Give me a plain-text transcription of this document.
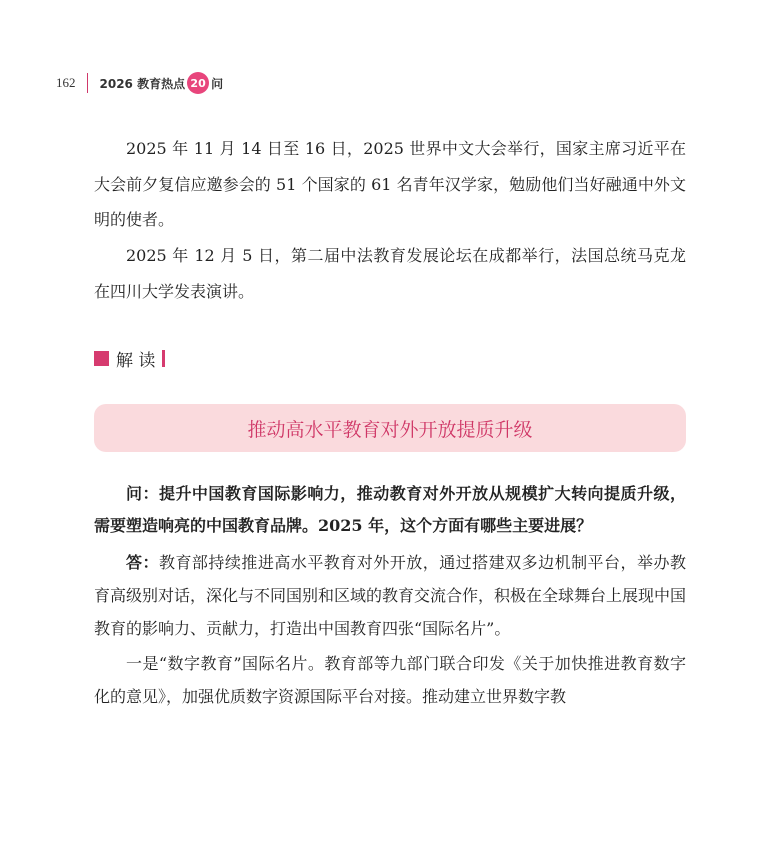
162 2026 教育热点 20 问

2025 年 11 月 14 日至 16 日，2025 世界中文大会举行，国家主席习近平在大会前夕复信应邀参会的 51 个国家的 61 名青年汉学家，勉励他们当好融通中外文明的使者。

2025 年 12 月 5 日，第二届中法教育发展论坛在成都举行，法国总统马克龙在四川大学发表演讲。

解 读
推动高水平教育对外开放提质升级

问：提升中国教育国际影响力，推动教育对外开放从规模扩大转向提质升级，需要塑造响亮的中国教育品牌。2025 年，这个方面有哪些主要进展？

答：教育部持续推进高水平教育对外开放，通过搭建双多边机制平台，举办教育高级别对话，深化与不同国别和区域的教育交流合作，积极在全球舞台上展现中国教育的影响力、贡献力，打造出中国教育四张“国际名片”。

一是“数字教育”国际名片。教育部等九部门联合印发《关于加快推进教育数字化的意见》，加强优质数字资源国际平台对接。推动建立世界数字教
